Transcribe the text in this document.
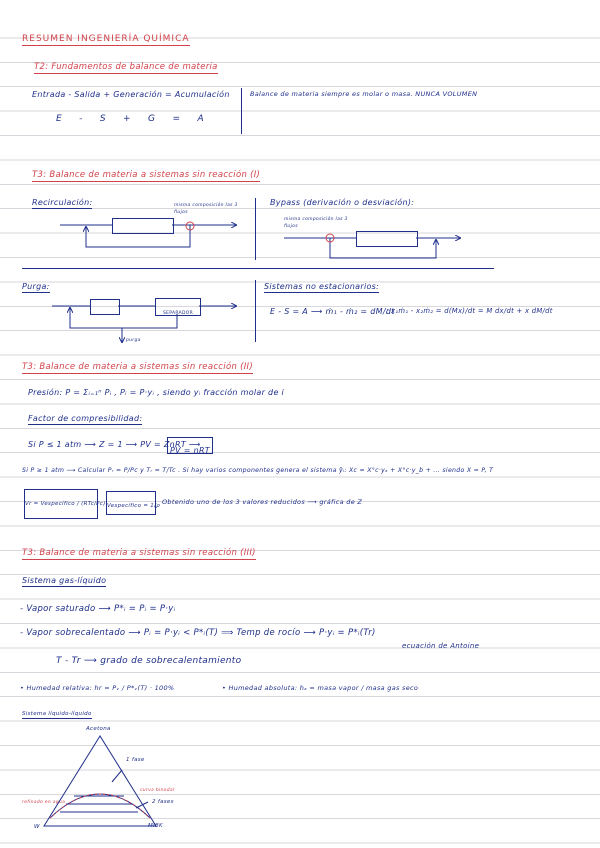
RESUMEN INGENIERÍA QUÍMICA
T2: Fundamentos de balance de materia
Entrada - Salida + Generación = Acumulación
E - S + G = A
Balance de materia siempre es molar o masa. NUNCA VOLUMEN
T3: Balance de materia a sistemas sin reacción (I)
Recirculación:	misma composición las 3 flujos
Bypass (derivación o desviación):
misma composición las 3 flujos
Purga:
SEPARADOR
purga
Sistemas no estacionarios:
E - S = A ⟶ ṁ₁ - ṁ₂ = dM/dt
; x₁ṁ₁ - x₂ṁ₂ = d(Mx)/dt = M dx/dt + x dM/dt
T3: Balance de materia a sistemas sin reacción (II)
Presión: P = Σᵢ₌₁ⁿ Pᵢ , Pᵢ = P·yᵢ , siendo yᵢ fracción molar de i
Factor de compresibilidad:
Si P ≤ 1 atm ⟶ Z = 1 ⟶ PV = ZnRT ⟶
PV = nRT
Si P ≥ 1 atm ⟶ Calcular Pᵣ = P/Pc y Tᵣ = T/Tc . Si hay varios componentes genera el sistema ỹᵢ: Xc = X°c·yₐ + X°c·y_b + ... siendo X = P, T
Vr = Vespecífico / (RTc/Pc) Vespecífico = 1/ρ Obtenido uno de los 3 valores reducidos ⟶ gráfica de Z
T3: Balance de materia a sistemas sin reacción (III)
Sistema gas-líquido
- Vapor saturado ⟶ P*ᵢ = Pᵢ = P·yᵢ
- Vapor sobrecalentado ⟶ Pᵢ = P·yᵢ < P*ᵢ(T) ⟹ Temp de rocío ⟶ P·yᵢ = P*ᵢ(Tr)
ecuación de Antoine
T - Tr ⟶ grado de sobrecalentamiento
• Humedad relativa: hr = Pᵥ / P*ᵥ(T) · 100%	• Humedad absoluta: hₐ = masa vapor / masa gas seco
Sistema líquido-líquido
Acetona
1 fase
2 fases
curva binodal
refinado en agua
W	MIBK
